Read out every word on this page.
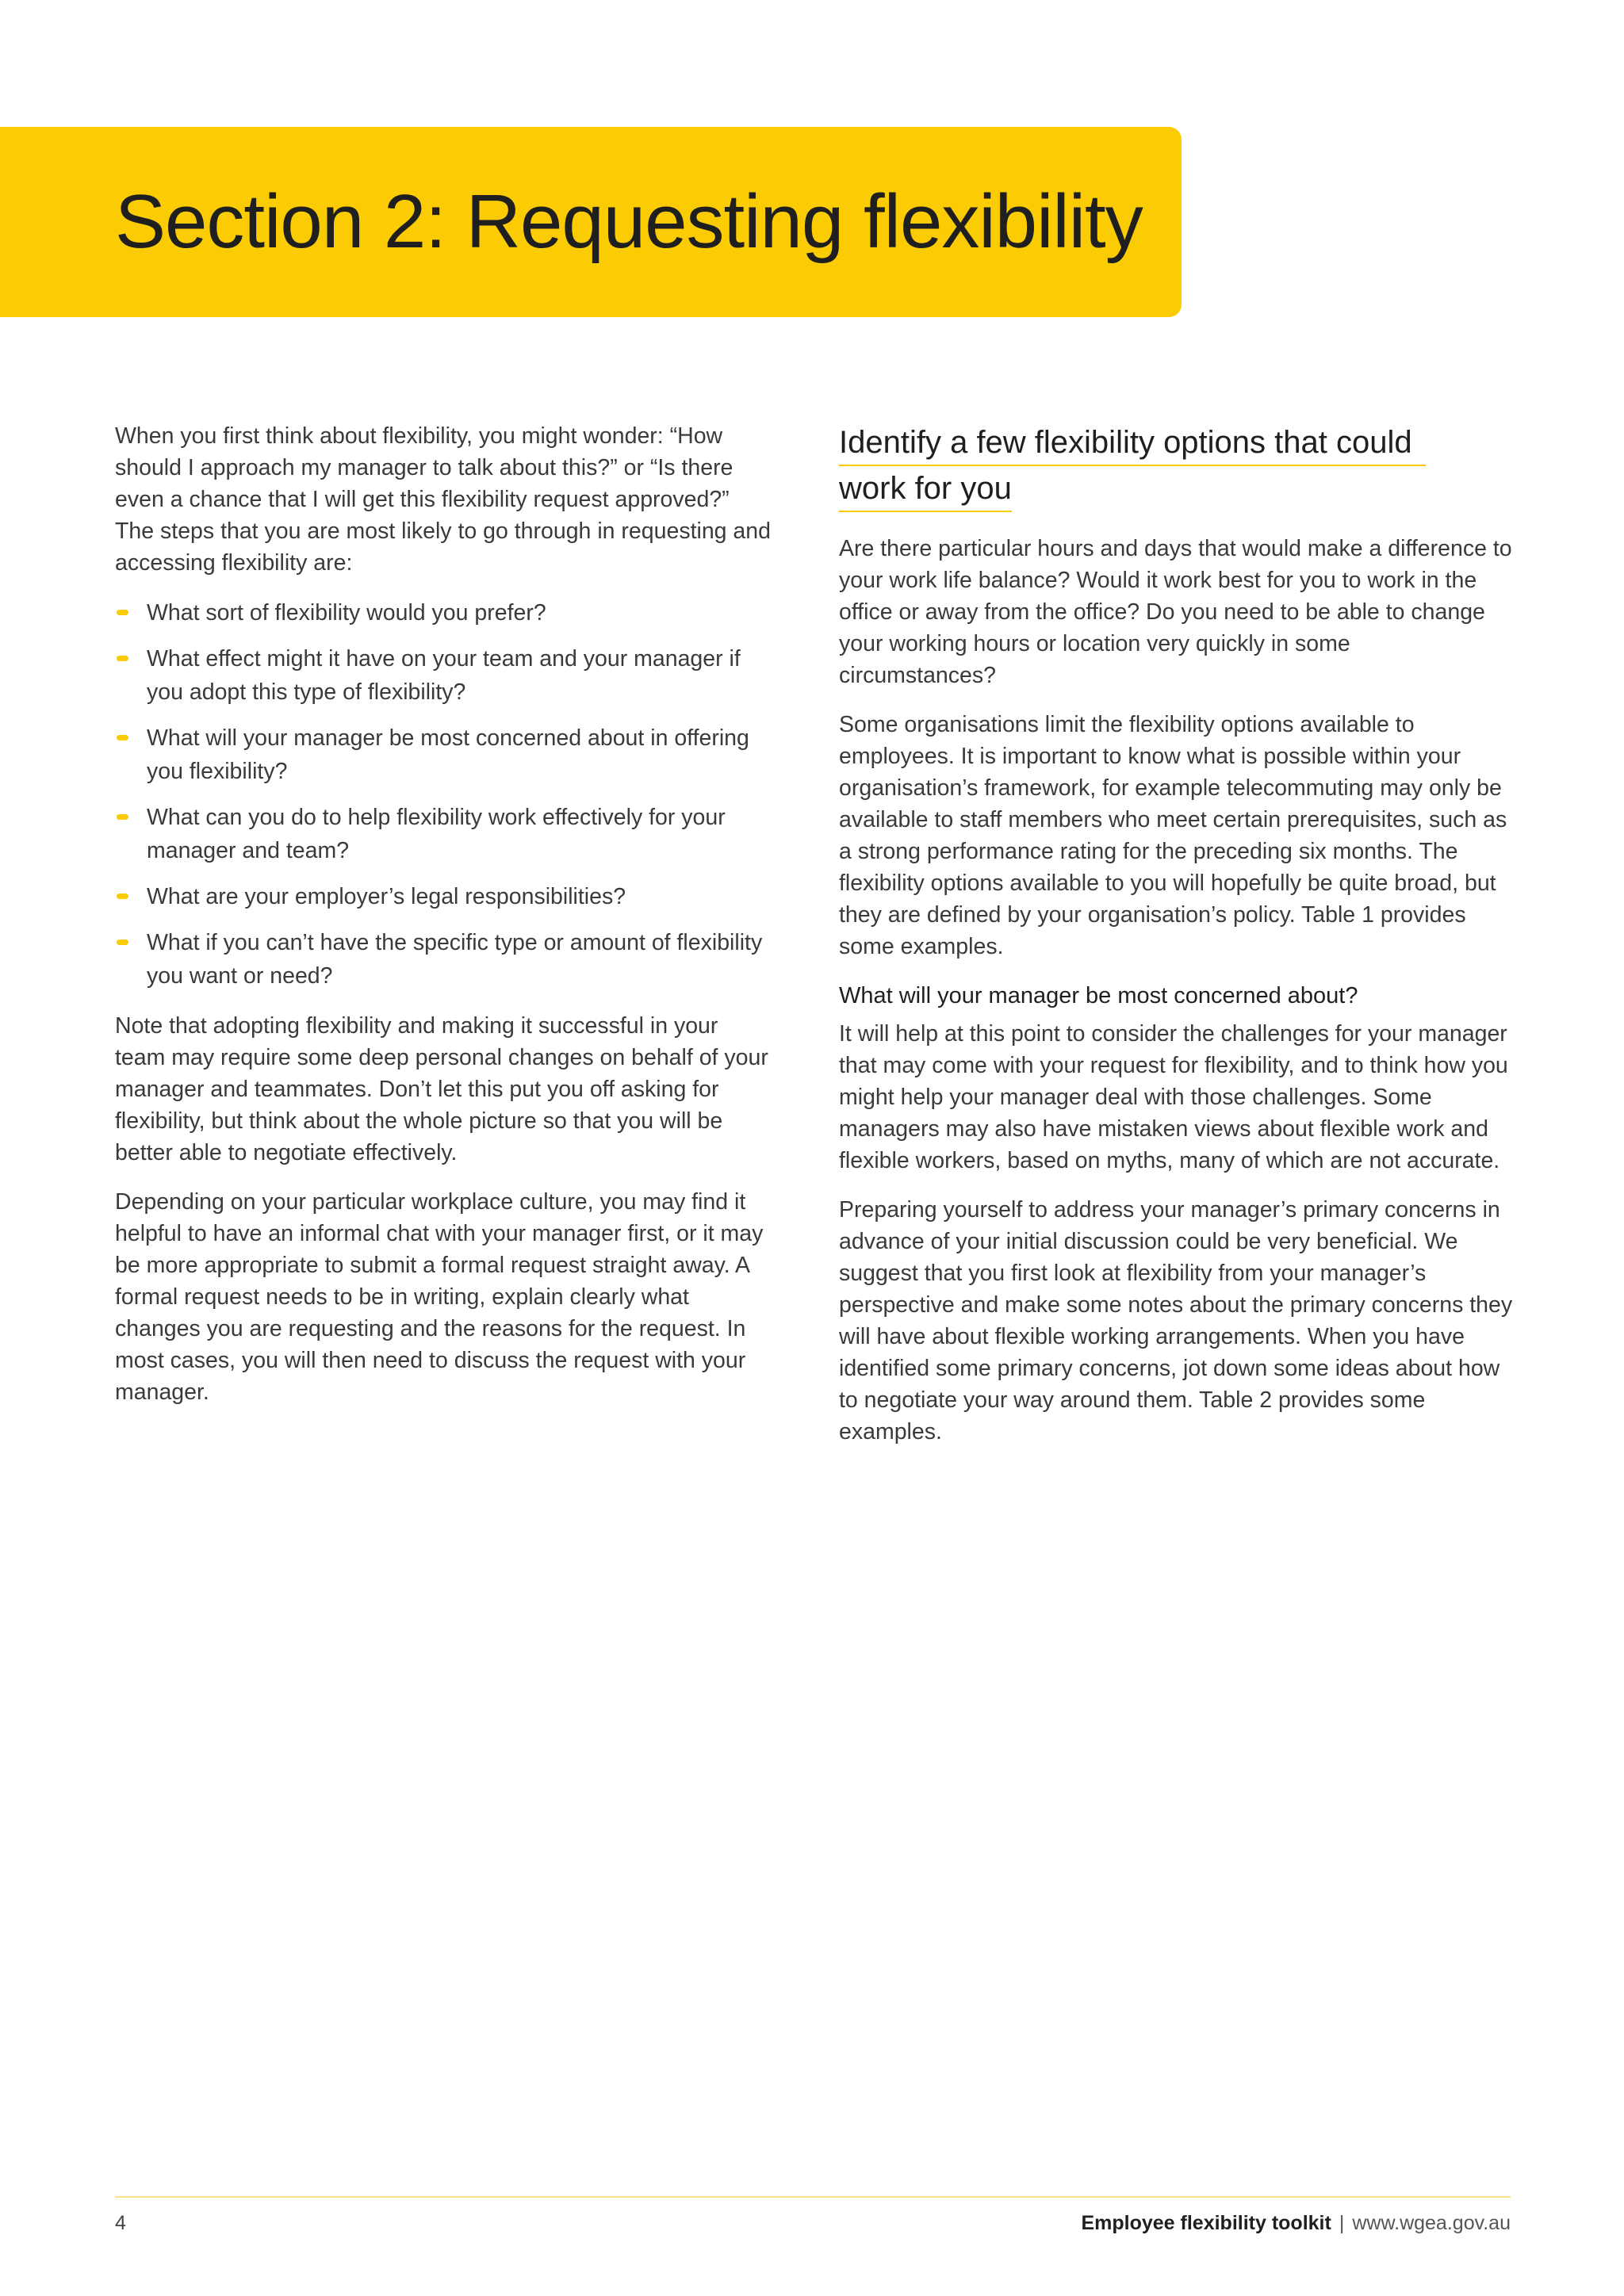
Section 2: Requesting flexibility

When you first think about flexibility, you might wonder: “How should I approach my manager to talk about this?” or “Is there even a chance that I will get this flexibility request approved?” The steps that you are most likely to go through in requesting and accessing flexibility are:

What sort of flexibility would you prefer?
What effect might it have on your team and your manager if you adopt this type of flexibility?
What will your manager be most concerned about in offering you flexibility?
What can you do to help flexibility work effectively for your manager and team?
What are your employer’s legal responsibilities?
What if you can’t have the specific type or amount of flexibility you want or need?

Note that adopting flexibility and making it successful in your team may require some deep personal changes on behalf of your manager and teammates. Don’t let this put you off asking for flexibility, but think about the whole picture so that you will be better able to negotiate effectively.

Depending on your particular workplace culture, you may find it helpful to have an informal chat with your manager first, or it may be more appropriate to submit a formal request straight away. A formal request needs to be in writing, explain clearly what changes you are requesting and the reasons for the request. In most cases, you will then need to discuss the request with your manager.

Identify a few flexibility options that could
work for you

Are there particular hours and days that would make a difference to your work life balance? Would it work best for you to work in the office or away from the office? Do you need to be able to change your working hours or location very quickly in some circumstances?

Some organisations limit the flexibility options available to employees. It is important to know what is possible within your organisation’s framework, for example telecommuting may only be available to staff members who meet certain prerequisites, such as a strong performance rating for the preceding six months. The flexibility options available to you will hopefully be quite broad, but they are defined by your organisation’s policy. Table 1 provides some examples.

What will your manager be most concerned about?

It will help at this point to consider the challenges for your manager that may come with your request for flexibility, and to think how you might help your manager deal with those challenges. Some managers may also have mistaken views about flexible work and flexible workers, based on myths, many of which are not accurate.

Preparing yourself to address your manager’s primary concerns in advance of your initial discussion could be very beneficial. We suggest that you first look at flexibility from your manager’s perspective and make some notes about the primary concerns they will have about flexible working arrangements. When you have identified some primary concerns, jot down some ideas about how to negotiate your way around them. Table 2 provides some examples.

4	Employee flexibility toolkit | www.wgea.gov.au
